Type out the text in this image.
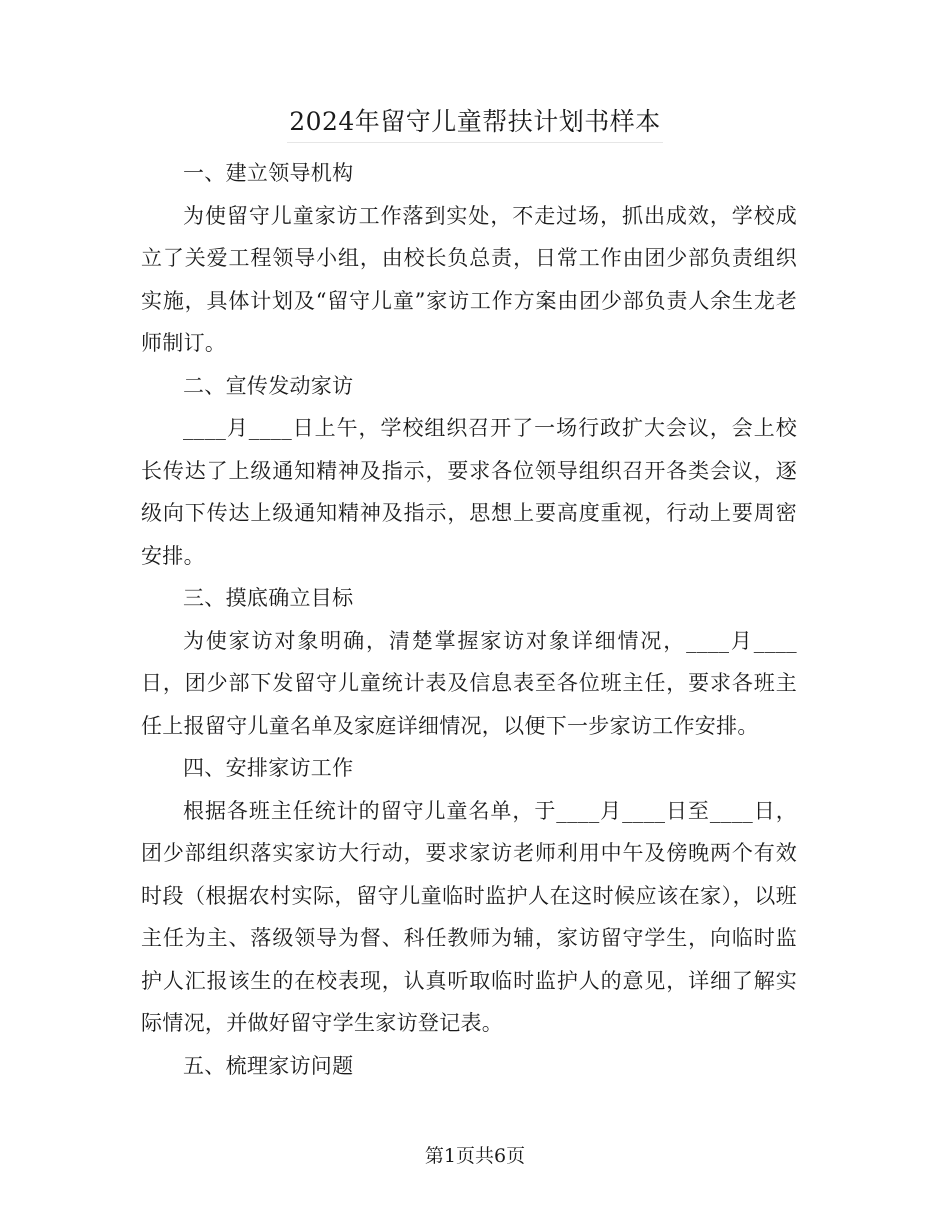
2024年留守儿童帮扶计划书样本

一、建立领导机构

为使留守儿童家访工作落到实处，不走过场，抓出成效，学校成立了关爱工程领导小组，由校长负总责，日常工作由团少部负责组织实施，具体计划及“留守儿童”家访工作方案由团少部负责人余生龙老师制订。

二、宣传发动家访

____月____日上午，学校组织召开了一场行政扩大会议，会上校长传达了上级通知精神及指示，要求各位领导组织召开各类会议，逐级向下传达上级通知精神及指示，思想上要高度重视，行动上要周密安排。

三、摸底确立目标

为使家访对象明确，清楚掌握家访对象详细情况，____月____日，团少部下发留守儿童统计表及信息表至各位班主任，要求各班主任上报留守儿童名单及家庭详细情况，以便下一步家访工作安排。

四、安排家访工作

根据各班主任统计的留守儿童名单，于____月____日至____日，团少部组织落实家访大行动，要求家访老师利用中午及傍晚两个有效时段（根据农村实际，留守儿童临时监护人在这时候应该在家），以班主任为主、落级领导为督、科任教师为辅，家访留守学生，向临时监护人汇报该生的在校表现，认真听取临时监护人的意见，详细了解实际情况，并做好留守学生家访登记表。

五、梳理家访问题

第1页共6页
